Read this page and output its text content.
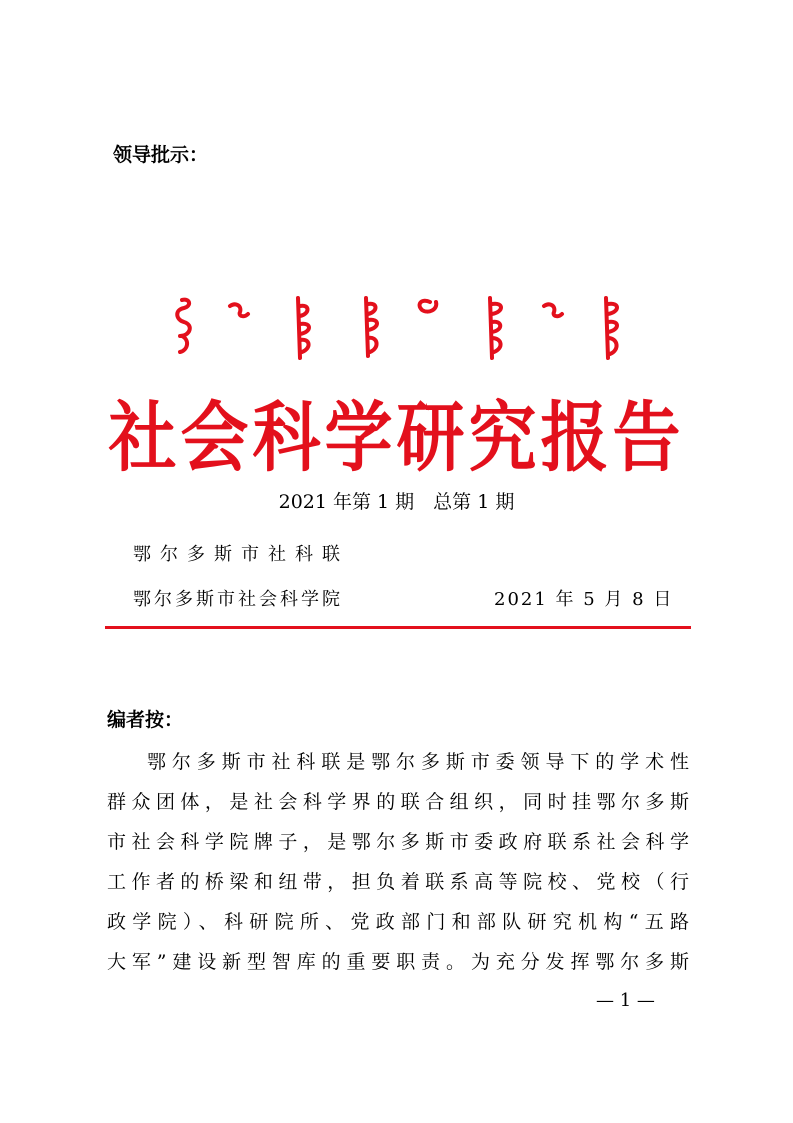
领导批示：
社会科学研究报告
2021 年第 1 期　总第 1 期
鄂尔多斯市社科联
鄂尔多斯市社会科学院	2021 年 5 月 8 日
编者按：
鄂尔多斯市社科联是鄂尔多斯市委领导下的学术性
群众团体，是社会科学界的联合组织，同时挂鄂尔多斯
市社会科学院牌子，是鄂尔多斯市委政府联系社会科学
工作者的桥梁和纽带，担负着联系高等院校、党校（行
政学院）、科研院所、党政部门和部队研究机构“五路
大军”建设新型智库的重要职责。为充分发挥鄂尔多斯
— 1 —
